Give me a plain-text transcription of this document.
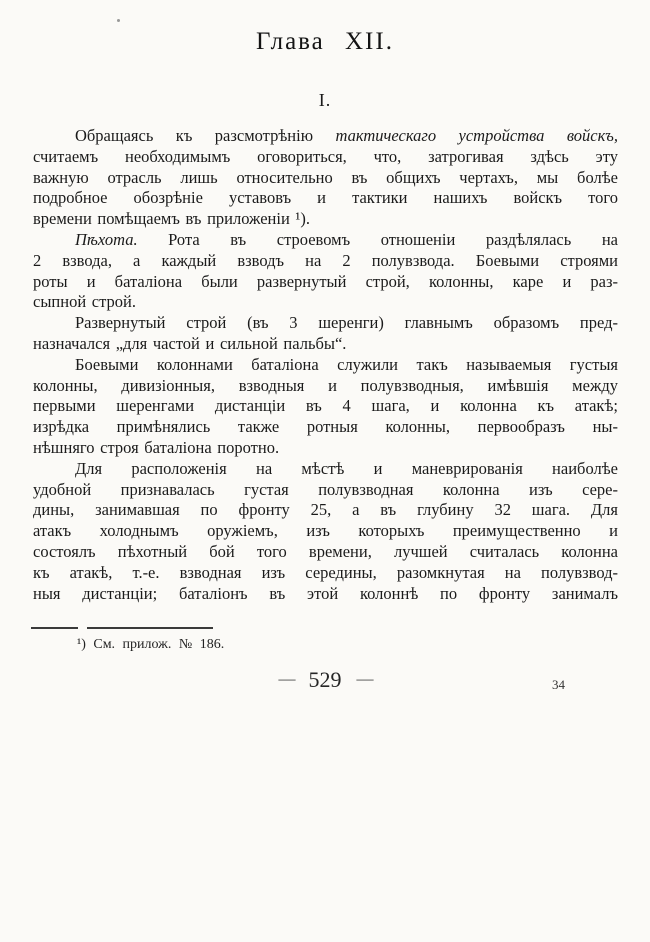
Глава XII.
I.
Обращаясь къ разсмотрѣнію тактическаго устройства войскъ,
считаемъ необходимымъ оговориться, что, затрогивая здѣсь эту
важную отрасль лишь относительно въ общихъ чертахъ, мы болѣе
подробное обозрѣніе уставовъ и тактики нашихъ войскъ того
времени помѣщаемъ въ приложеніи ¹).
Пѣхота. Рота въ строевомъ отношеніи раздѣлялась на
2 взвода, а каждый взводъ на 2 полувзвода. Боевыми строями
роты и баталіона были развернутый строй, колонны, каре и раз-
сыпной строй.
Развернутый строй (въ 3 шеренги) главнымъ образомъ пред-
назначался „для частой и сильной пальбы“.
Боевыми колоннами баталіона служили такъ называемыя густыя
колонны, дивизіонныя, взводныя и полувзводныя, имѣвшія между
первыми шеренгами дистанціи въ 4 шага, и колонна къ атакѣ;
изрѣдка примѣнялись также ротныя колонны, первообразъ ны-
нѣшняго строя баталіона поротно.
Для расположенія на мѣстѣ и маневрированія наиболѣе
удобной признавалась густая полувзводная колонна изъ сере-
дины, занимавшая по фронту 25, а въ глубину 32 шага. Для
атакъ холоднымъ оружіемъ, изъ которыхъ преимущественно и
состоялъ пѣхотный бой того времени, лучшей считалась колонна
къ атакѣ, т.-е. взводная изъ середины, разомкнутая на полувзвод-
ныя дистанціи; баталіонъ въ этой колоннѣ по фронту занималъ
¹) См. прилож. № 186.
— 529 —	34
